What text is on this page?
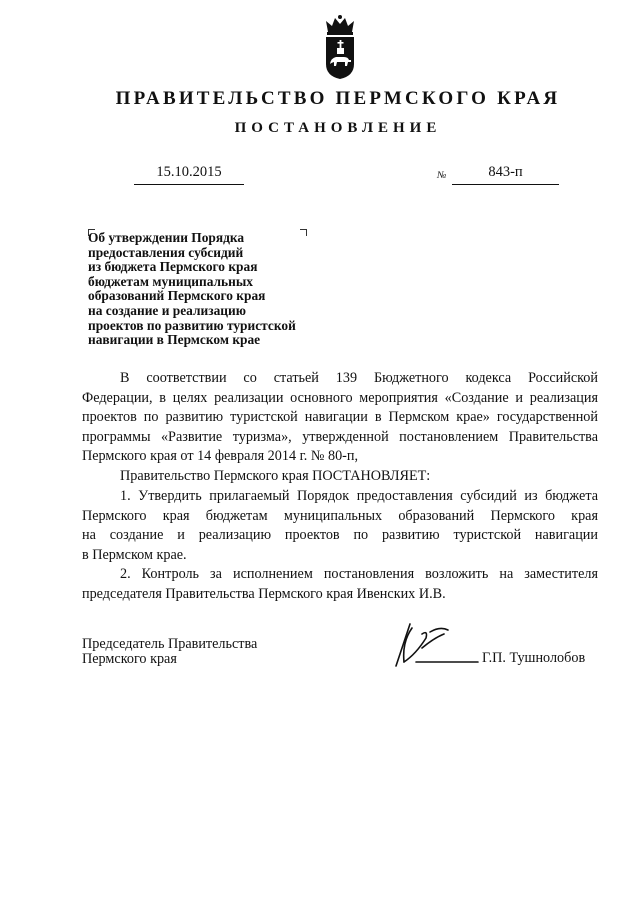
ПРАВИТЕЛЬСТВО ПЕРМСКОГО КРАЯ
ПОСТАНОВЛЕНИЕ
15.10.2015	№	843-п
Об утверждении Порядка
предоставления субсидий
из бюджета Пермского края
бюджетам муниципальных
образований Пермского края
на создание и реализацию
проектов по развитию туристской
навигации в Пермском крае
В соответствии со статьей 139 Бюджетного кодекса Российской
Федерации, в целях реализации основного мероприятия «Создание и реализация
проектов по развитию туристской навигации в Пермском крае» государственной
программы «Развитие туризма», утвержденной постановлением Правительства
Пермского края от 14 февраля 2014 г. № 80-п,
Правительство Пермского края ПОСТАНОВЛЯЕТ:
1. Утвердить прилагаемый Порядок предоставления субсидий из бюджета
Пермского края бюджетам муниципальных образований Пермского края
на создание и реализацию проектов по развитию туристской навигации
в Пермском крае.
2. Контроль за исполнением постановления возложить на заместителя
председателя Правительства Пермского края Ивенских И.В.
Председатель Правительства
Пермского края	Г.П. Тушнолобов
